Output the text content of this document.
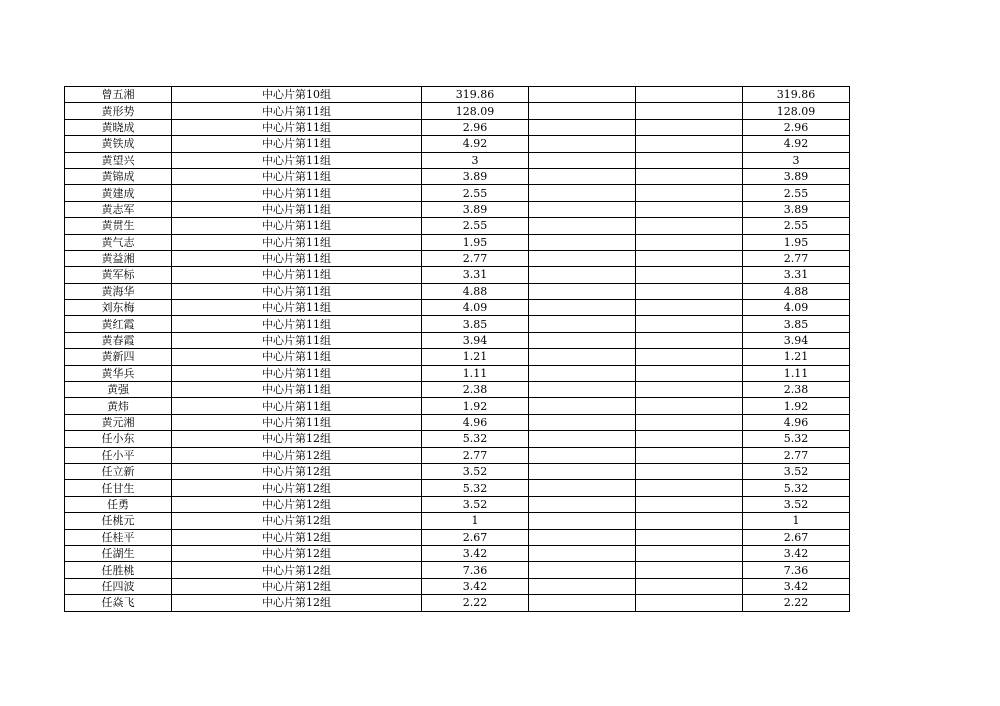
曾五湘	中心片第10组	319.86			319.86
黄形势	中心片第11组	128.09			128.09
黄晓成	中心片第11组	2.96			2.96
黄铁成	中心片第11组	4.92			4.92
黄望兴	中心片第11组	3			3
黄锦成	中心片第11组	3.89			3.89
黄建成	中心片第11组	2.55			2.55
黄志军	中心片第11组	3.89			3.89
黄贯生	中心片第11组	2.55			2.55
黄气志	中心片第11组	1.95			1.95
黄益湘	中心片第11组	2.77			2.77
黄军标	中心片第11组	3.31			3.31
黄海华	中心片第11组	4.88			4.88
刘东梅	中心片第11组	4.09			4.09
黄红霞	中心片第11组	3.85			3.85
黄春霞	中心片第11组	3.94			3.94
黄新四	中心片第11组	1.21			1.21
黄华兵	中心片第11组	1.11			1.11
黄强	中心片第11组	2.38			2.38
黄炜	中心片第11组	1.92			1.92
黄元湘	中心片第11组	4.96			4.96
任小东	中心片第12组	5.32			5.32
任小平	中心片第12组	2.77			2.77
任立新	中心片第12组	3.52			3.52
任甘生	中心片第12组	5.32			5.32
任勇	中心片第12组	3.52			3.52
任桃元	中心片第12组	1			1
任桂平	中心片第12组	2.67			2.67
任湖生	中心片第12组	3.42			3.42
任胜桃	中心片第12组	7.36			7.36
任四波	中心片第12组	3.42			3.42
任焱飞	中心片第12组	2.22			2.22
